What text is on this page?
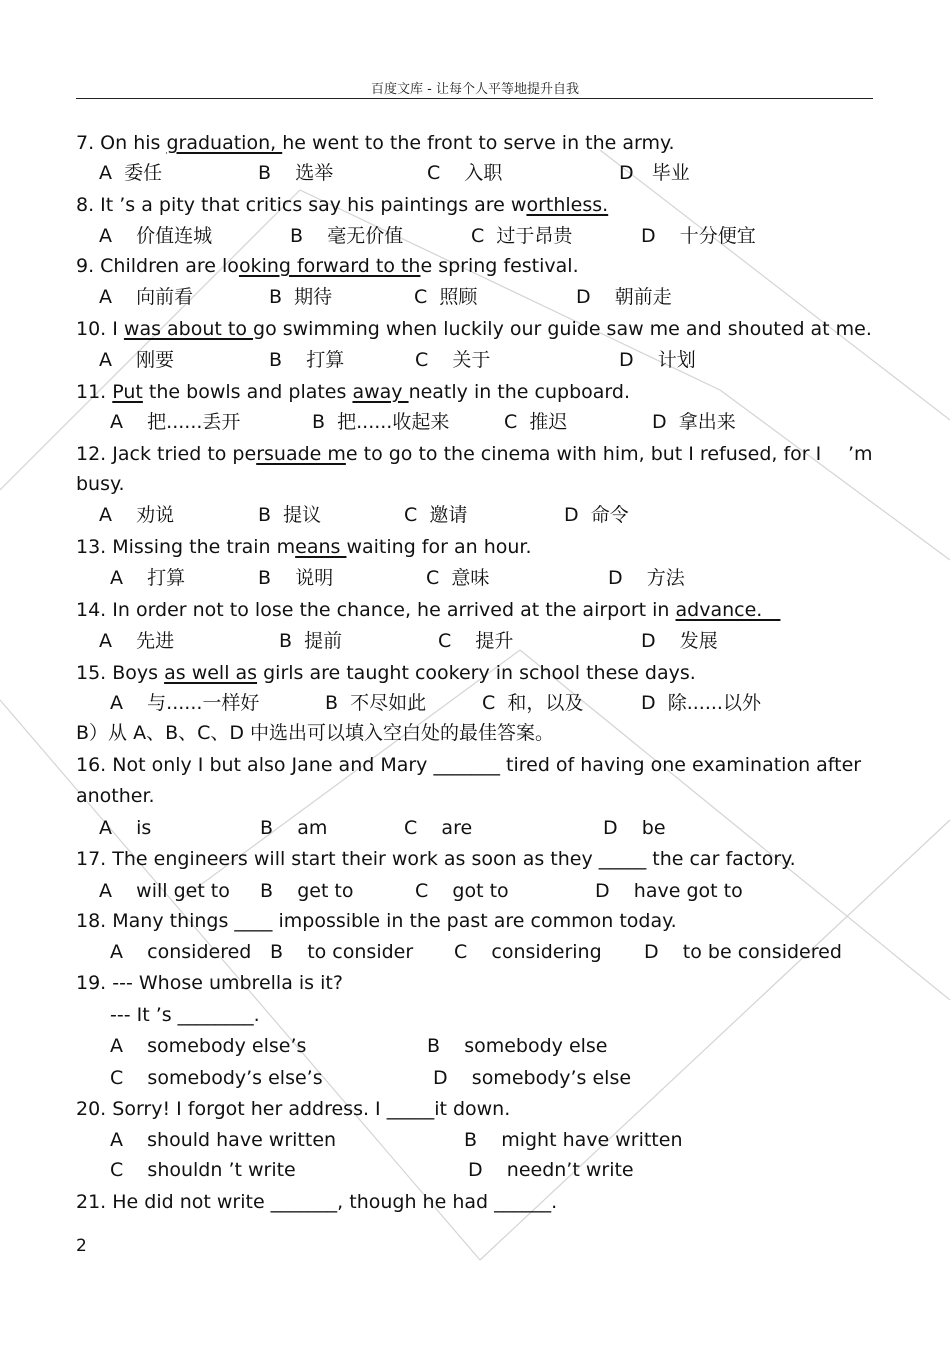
百度文库 - 让每个人平等地提升自我
7. On his graduation, he went to the front to serve in the army.
A  委任	B    选举	C    入职	D   毕业
8. It ’s a pity that critics say his paintings are worthless.
A    价值连城	B    毫无价值	C  过于昂贵	D    十分便宜
9. Children are looking forward to the spring festival.
A    向前看	B  期待	C  照顾	D    朝前走
10. I was about to go swimming when luckily our guide saw me and shouted at me.
A    刚要	B    打算	C    关于	D    计划
11. Put the bowls and plates away neatly in the cupboard.
A    把......丢开	B  把......收起来	C  推迟	D  拿出来
12. Jack tried to persuade me to go to the cinema with him, but I refused, for I ’m
busy.
A    劝说	B  提议	C  邀请	D  命令
13. Missing the train means waiting for an hour.
A    打算	B    说明	C  意味	D    方法
14. In order not to lose the chance, he arrived at the airport in advance.
A    先进	B  提前	C    提升	D    发展
15. Boys as well as girls are taught cookery in school these days.
A    与......一样好	B  不尽如此	C  和，以及	D  除......以外
B）从 A、B、C、D 中选出可以填入空白处的最佳答案。
16. Not only I but also Jane and Mary _______ tired of having one examination after
another.
A    is	B    am	C    are	D    be
17. The engineers will start their work as soon as they _____ the car factory.
A    will get to B    get to	C    got to	D    have got to
18. Many things ____ impossible in the past are common today.
A    considered B    to consider C    considering D    to be considered
19. --- Whose umbrella is it?
--- It ’s ________.
A    somebody else’s	B    somebody else
C    somebody’s else’s	D    somebody’s else
20. Sorry! I forgot her address. I _____it down.
A    should have written	B    might have written
C    shouldn ’t write	D    needn’t write
21. He did not write _______, though he had ______.
2
